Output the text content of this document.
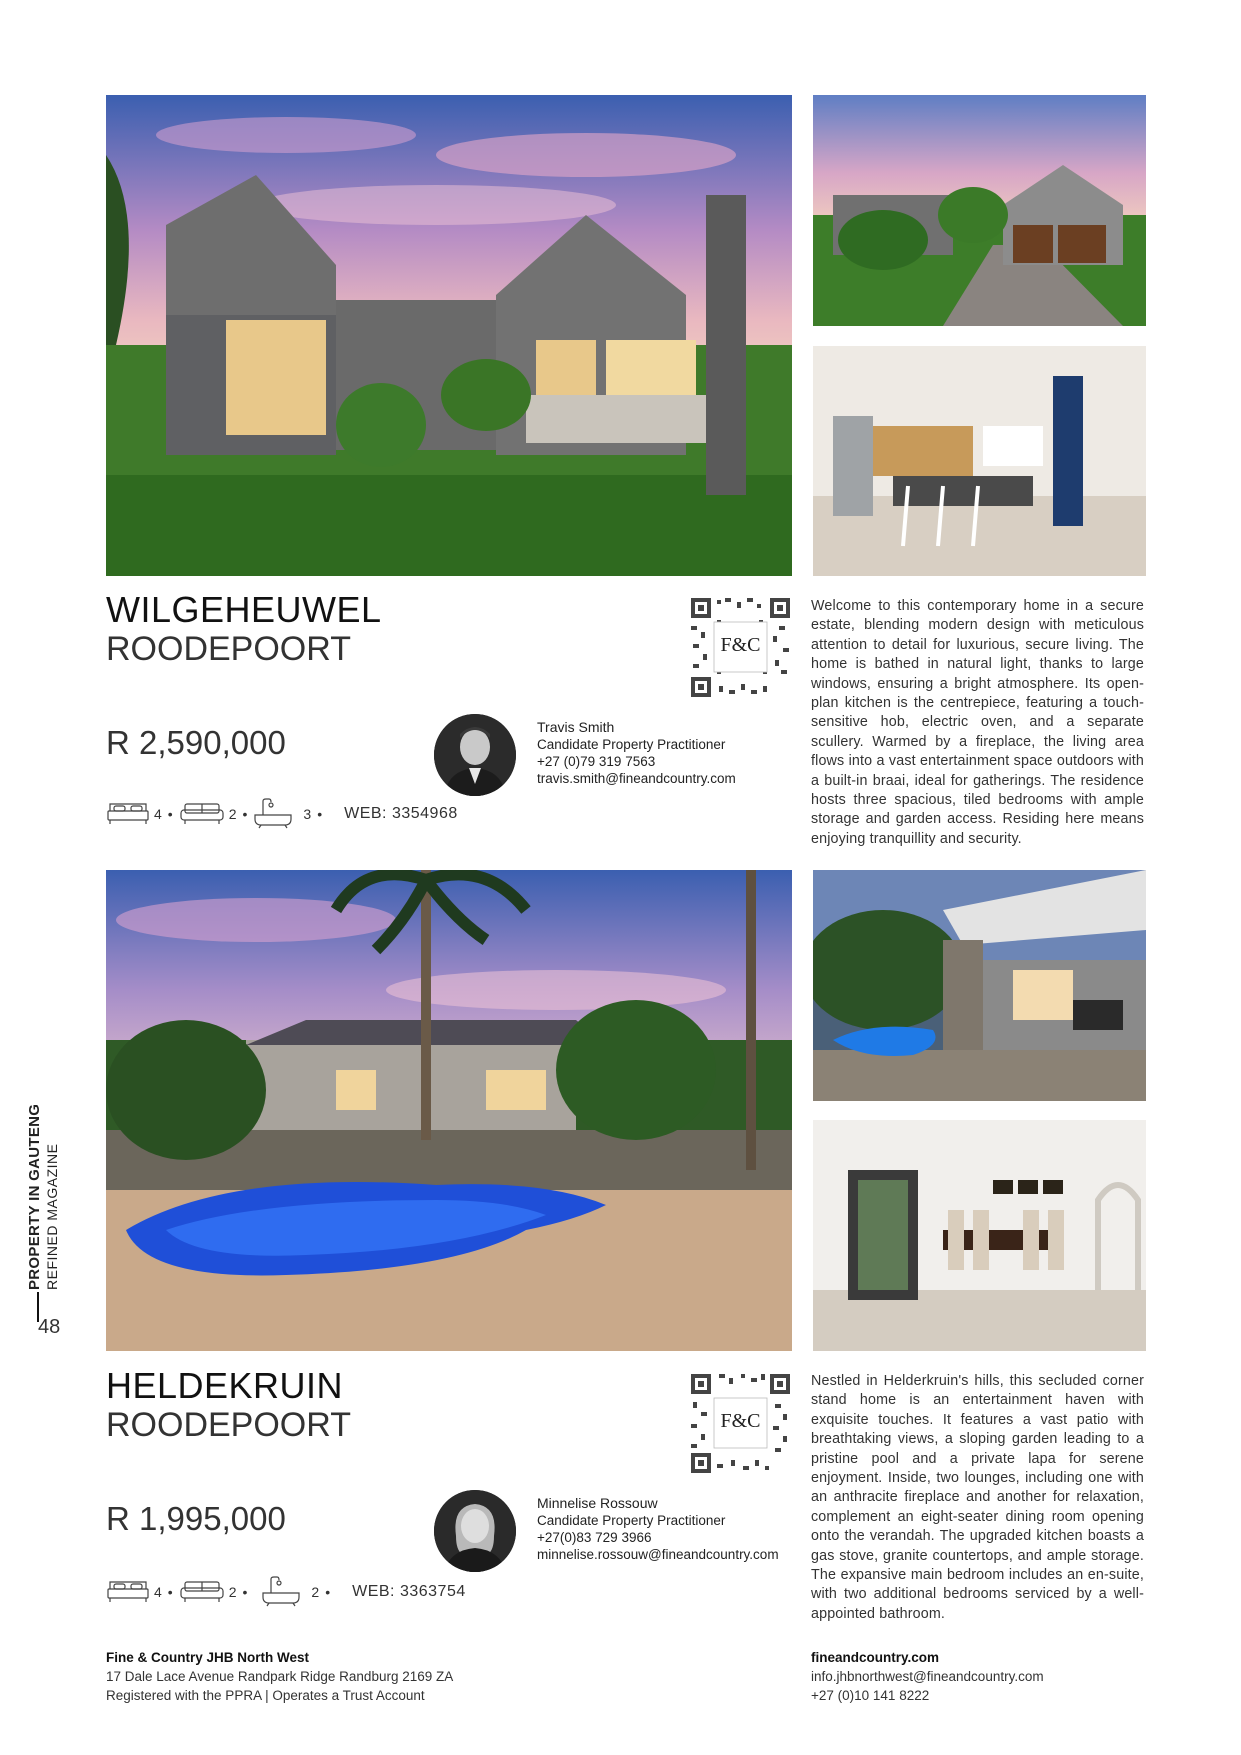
WILGEHEUWEL
ROODEPOORT
R 2,590,000
F&C
Travis Smith
Candidate Property Practitioner
+27 (0)79 319 7563
travis.smith@fineandcountry.com
4 •	2 •	3 • WEB: 3354968
Welcome to this contemporary home in a secure estate, blending modern design with meticulous attention to detail for luxurious, secure living. The home is bathed in natural light, thanks to large windows, ensuring a bright atmosphere. Its open-plan kitchen is the centrepiece, featuring a touch-sensitive hob, electric oven, and a separate scullery. Warmed by a fireplace, the living area flows into a vast entertainment space outdoors with a built-in braai, ideal for gatherings. The residence hosts three spacious, tiled bedrooms with ample storage and garden access. Residing here means enjoying tranquillity and security.
HELDEKRUIN
ROODEPOORT
R 1,995,000
F&C
Minnelise Rossouw
Candidate Property Practitioner
+27(0)83 729 3966
minnelise.rossouw@fineandcountry.com
4 •	2 •	2 • WEB: 3363754
Nestled in Helderkruin's hills, this secluded corner stand home is an entertainment haven with exquisite touches. It features a vast patio with breathtaking views, a sloping garden leading to a pristine pool and a private lapa for serene enjoyment. Inside, two lounges, including one with an anthracite fireplace and another for relaxation, complement an eight-seater dining room opening onto the verandah. The upgraded kitchen boasts a gas stove, granite countertops, and ample storage. The expansive main bedroom includes an en-suite, with two additional bedrooms serviced by a well-appointed bathroom.
PROPERTY IN GAUTENG REFINED MAGAZINE
48
Fine & Country JHB North West
17 Dale Lace Avenue Randpark Ridge Randburg 2169 ZA
Registered with the PPRA | Operates a Trust Account
fineandcountry.com
info.jhbnorthwest@fineandcountry.com
+27 (0)10 141 8222
